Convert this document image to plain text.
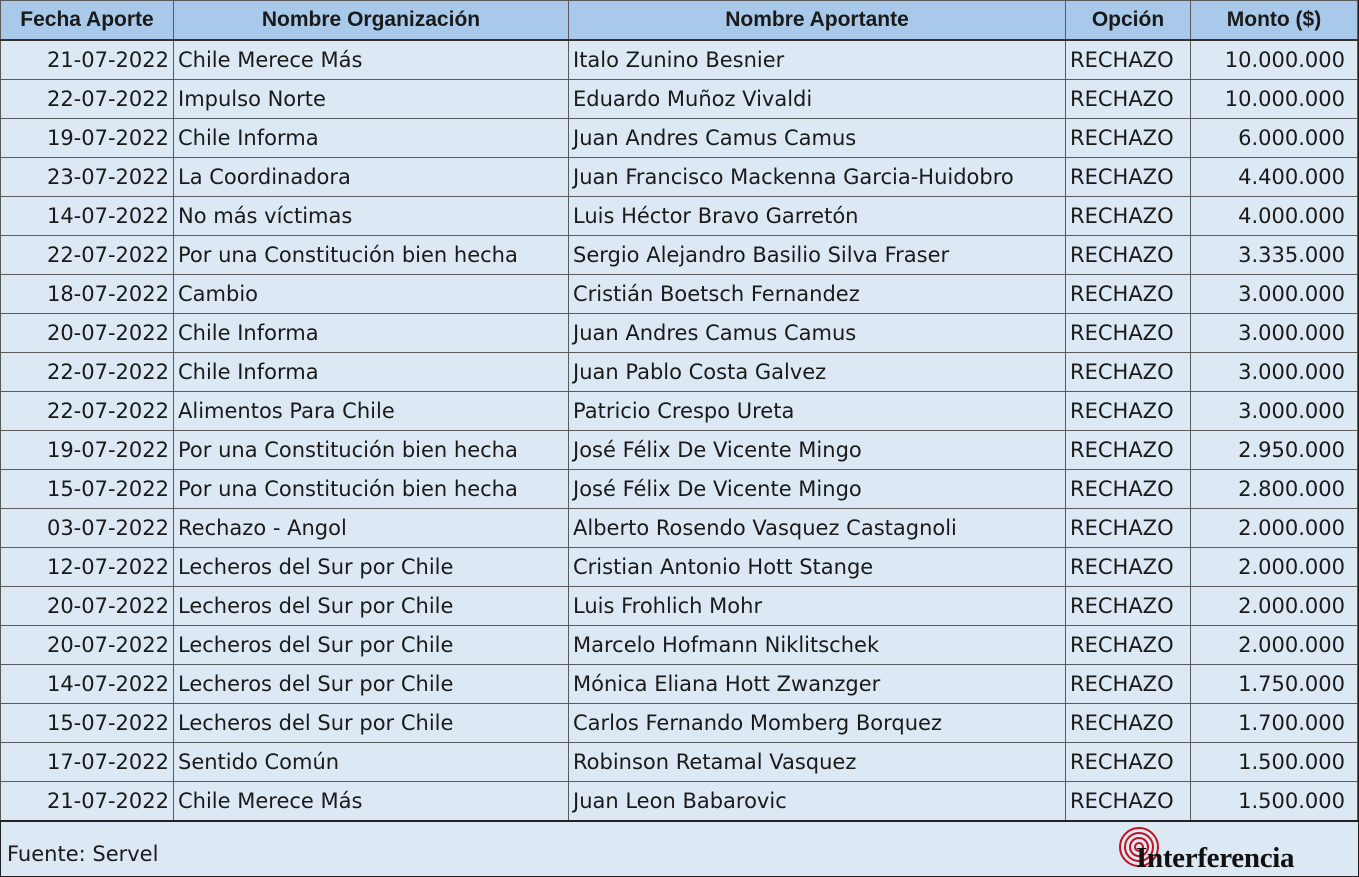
Fecha Aporte	Nombre Organización	Nombre Aportante	Opción	Monto ($)
21-07-2022	Chile Merece Más	Italo Zunino Besnier	RECHAZO	10.000.000
22-07-2022	Impulso Norte	Eduardo Muñoz Vivaldi	RECHAZO	10.000.000
19-07-2022	Chile Informa	Juan Andres Camus Camus	RECHAZO	6.000.000
23-07-2022	La Coordinadora	Juan Francisco Mackenna Garcia-Huidobro	RECHAZO	4.400.000
14-07-2022	No más víctimas	Luis Héctor Bravo Garretón	RECHAZO	4.000.000
22-07-2022	Por una Constitución bien hecha	Sergio Alejandro Basilio Silva Fraser	RECHAZO	3.335.000
18-07-2022	Cambio	Cristián Boetsch Fernandez	RECHAZO	3.000.000
20-07-2022	Chile Informa	Juan Andres Camus Camus	RECHAZO	3.000.000
22-07-2022	Chile Informa	Juan Pablo Costa Galvez	RECHAZO	3.000.000
22-07-2022	Alimentos Para Chile	Patricio Crespo Ureta	RECHAZO	3.000.000
19-07-2022	Por una Constitución bien hecha	José Félix De Vicente Mingo	RECHAZO	2.950.000
15-07-2022	Por una Constitución bien hecha	José Félix De Vicente Mingo	RECHAZO	2.800.000
03-07-2022	Rechazo - Angol	Alberto Rosendo Vasquez Castagnoli	RECHAZO	2.000.000
12-07-2022	Lecheros del Sur por Chile	Cristian Antonio Hott Stange	RECHAZO	2.000.000
20-07-2022	Lecheros del Sur por Chile	Luis Frohlich Mohr	RECHAZO	2.000.000
20-07-2022	Lecheros del Sur por Chile	Marcelo Hofmann Niklitschek	RECHAZO	2.000.000
14-07-2022	Lecheros del Sur por Chile	Mónica Eliana Hott Zwanzger	RECHAZO	1.750.000
15-07-2022	Lecheros del Sur por Chile	Carlos Fernando Momberg Borquez	RECHAZO	1.700.000
17-07-2022	Sentido Común	Robinson Retamal Vasquez	RECHAZO	1.500.000
21-07-2022	Chile Merece Más	Juan Leon Babarovic	RECHAZO	1.500.000
Fuente: Servel	Interferencia
